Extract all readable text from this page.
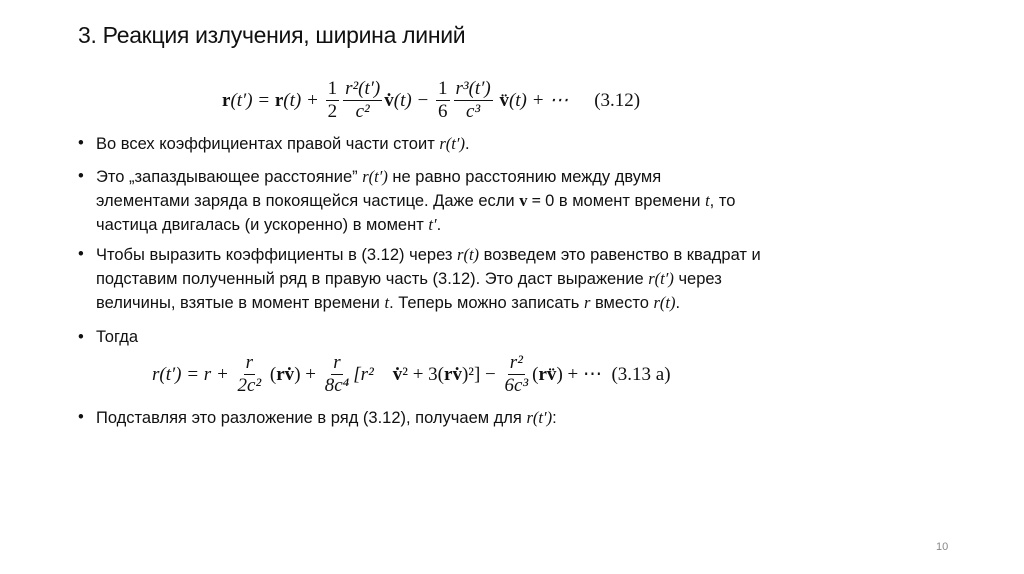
3. Реакция излучения, ширина линий
r (t′) = r $(t) + \frac{1}{2} \frac{\text{r²(t′)}}{\text{c²}}$ v̇ $(t) - \frac{1}{6} \frac{\text{r³(t′)}}{\text{c³}}$ v̈ (t) + ⋯ (3.12)
• Во всех коэффициентах правой части стоит r(t′).
• Это „запаздывающее расстояние” r(t′) не равно расстоянию между двумя
элементами заряда в покоящейся частице. Даже если v = 0 в момент времени t, то
частица двигалась (и ускоренно) в момент t′.
• Чтобы выразить коэффициенты в (3.12) через r(t) возведем это равенство в квадрат и
подставим полученный ряд в правую часть (3.12). Это даст выражение r(t′) через
величины, взятые в момент времени t. Теперь можно записать r вместо r(t).
• Тогда
$r(t') = r + \frac{r}{\text{2c²}}$ ( rv̇ ) + $\frac{r}{\text{8c⁴}} [r^2$ v̇ ² + 3( rv̇ )$^2] - \frac{\text{r²}}{\text{6c³}}$ ( rv̈ ) + ⋯ (3.13 a)
• Подставляя это разложение в ряд (3.12), получаем для r(t′):
10
